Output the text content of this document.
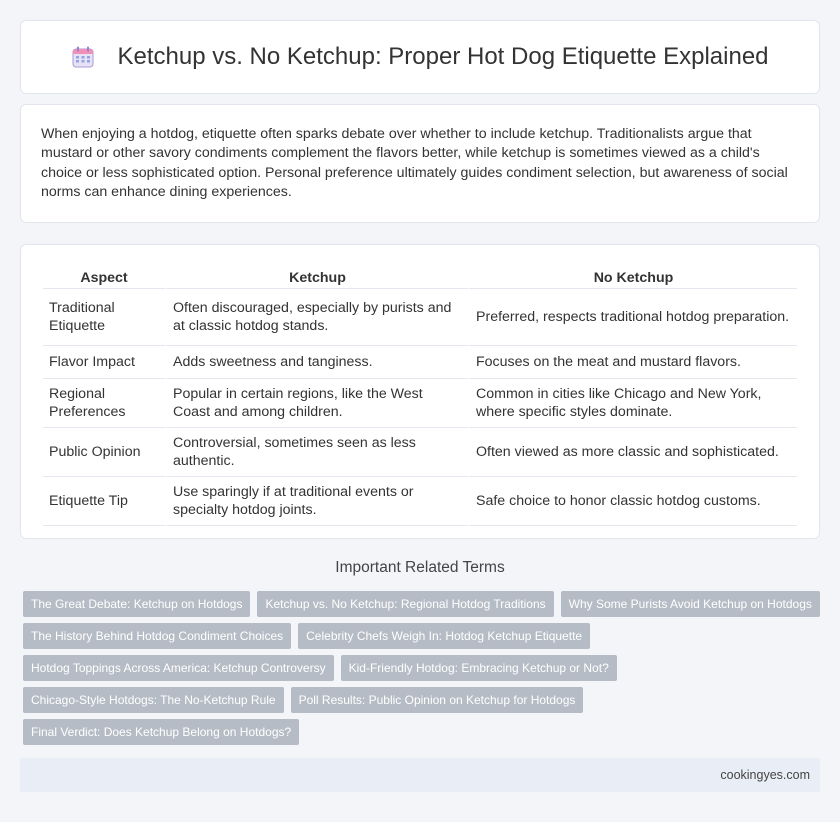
Ketchup vs. No Ketchup: Proper Hot Dog Etiquette Explained

When enjoying a hotdog, etiquette often sparks debate over whether to include ketchup. Traditionalists argue that mustard or other savory condiments complement the flavors better, while ketchup is sometimes viewed as a child's choice or less sophisticated option. Personal preference ultimately guides condiment selection, but awareness of social norms can enhance dining experiences.

Aspect	Ketchup	No Ketchup
Traditional Etiquette	Often discouraged, especially by purists and at classic hotdog stands.	Preferred, respects traditional hotdog preparation.
Flavor Impact	Adds sweetness and tanginess.	Focuses on the meat and mustard flavors.
Regional Preferences	Popular in certain regions, like the West Coast and among children.	Common in cities like Chicago and New York, where specific styles dominate.
Public Opinion	Controversial, sometimes seen as less authentic.	Often viewed as more classic and sophisticated.
Etiquette Tip	Use sparingly if at traditional events or specialty hotdog joints.	Safe choice to honor classic hotdog customs.
Important Related Terms
The Great Debate: Ketchup on Hotdogs	Ketchup vs. No Ketchup: Regional Hotdog Traditions	Why Some Purists Avoid Ketchup on Hotdogs
The History Behind Hotdog Condiment Choices	Celebrity Chefs Weigh In: Hotdog Ketchup Etiquette
Hotdog Toppings Across America: Ketchup Controversy	Kid-Friendly Hotdog: Embracing Ketchup or Not?
Chicago-Style Hotdogs: The No-Ketchup Rule	Poll Results: Public Opinion on Ketchup for Hotdogs
Final Verdict: Does Ketchup Belong on Hotdogs?
cookingyes.com
